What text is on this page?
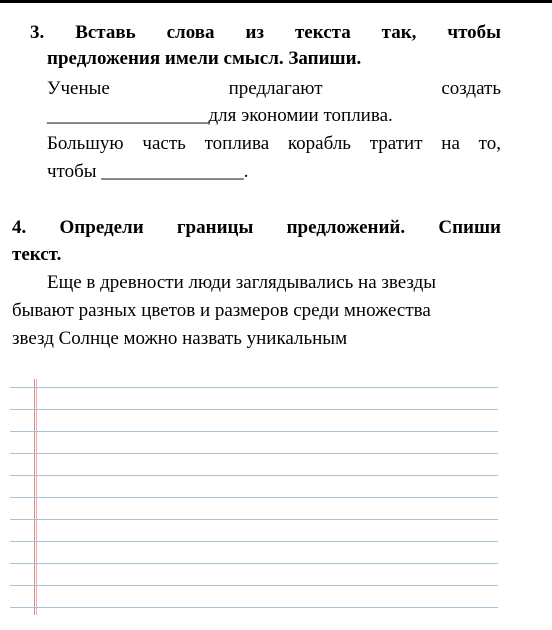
3. Вставь слова из текста так, чтобы
предложения имели смысл. Запиши.
Ученые предлагают создать
_________________для экономии топлива.
Большую часть топлива корабль тратит на то,
чтобы _______________.
4. Определи границы предложений. Спиши
текст.
Еще в древности люди заглядывались на звезды
бывают разных цветов и размеров среди множества
звезд Солнце можно назвать уникальным
